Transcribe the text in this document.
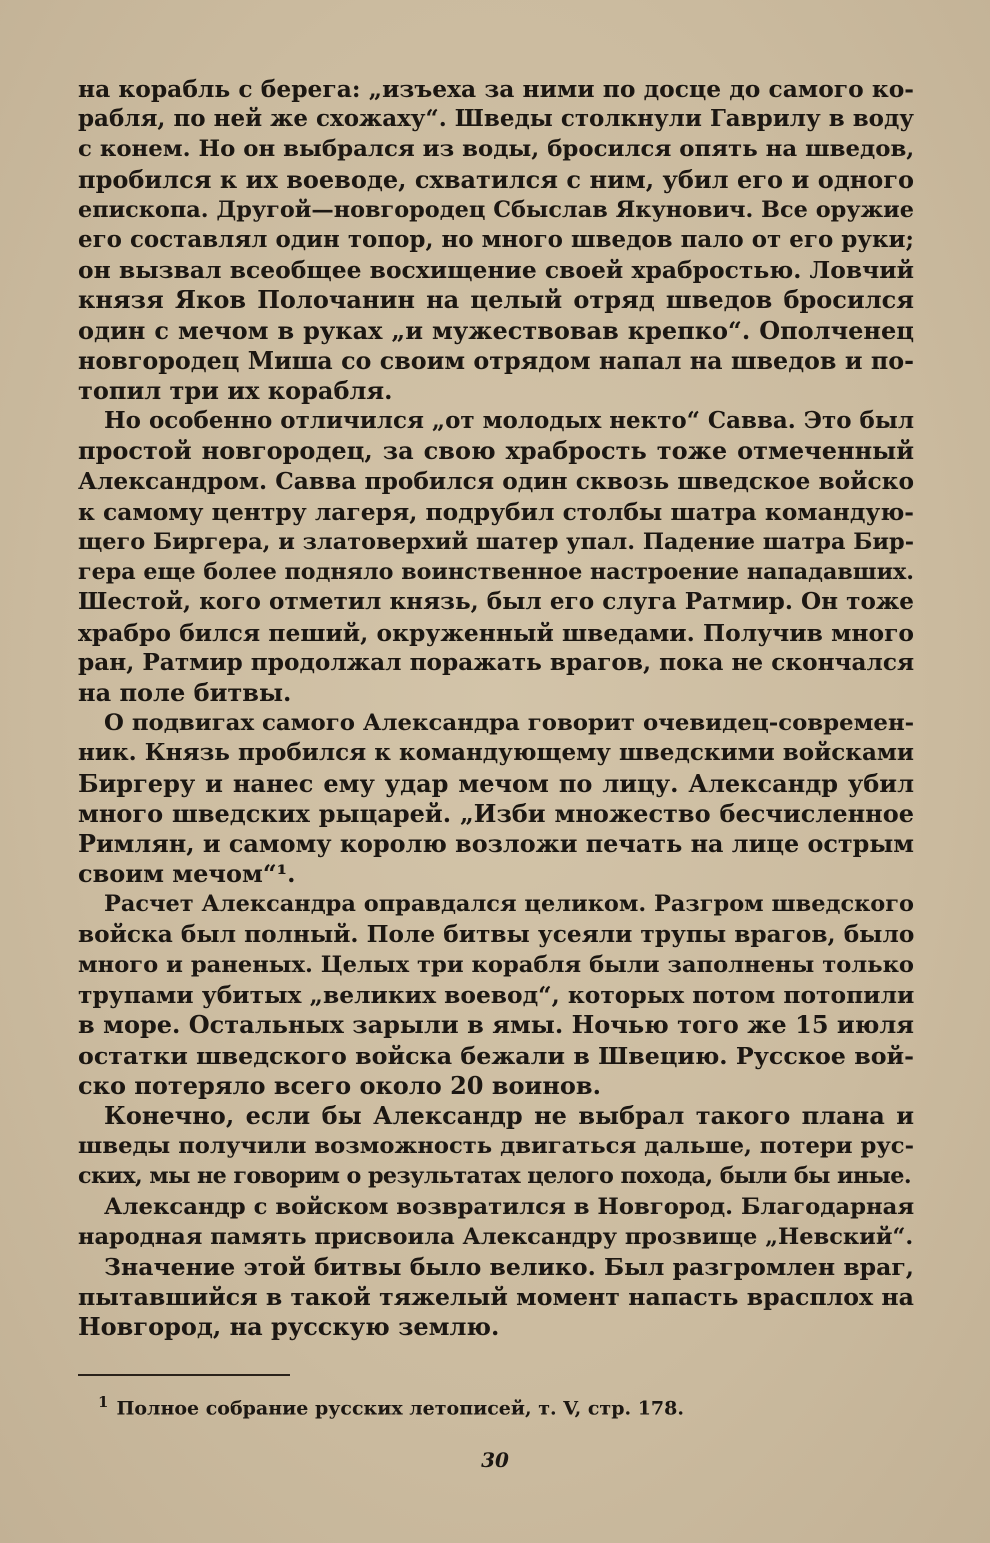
на корабль с берега: „изъеха за ними по досце до самого ко-
рабля, по ней же схожаху“. Шведы столкнули Гаврилу в воду
с конем. Но он выбрался из воды, бросился опять на шведов,
пробился к их воеводе, схватился с ним, убил его и одного
епископа. Другой—новгородец Сбыслав Якунович. Все оружие
его составлял один топор, но много шведов пало от его руки;
он вызвал всеобщее восхищение своей храбростью. Ловчий
князя Яков Полочанин на целый отряд шведов бросился
один с мечом в руках „и мужествовав крепко“. Ополченец
новгородец Миша со своим отрядом напал на шведов и по-
топил три их корабля.
Но особенно отличился „от молодых некто“ Савва. Это был
простой новгородец, за свою храбрость тоже отмеченный
Александром. Савва пробился один сквозь шведское войско
к самому центру лагеря, подрубил столбы шатра командую-
щего Биргера, и златоверхий шатер упал. Падение шатра Бир-
гера еще более подняло воинственное настроение нападавших.
Шестой, кого отметил князь, был его слуга Ратмир. Он тоже
храбро бился пеший, окруженный шведами. Получив много
ран, Ратмир продолжал поражать врагов, пока не скончался
на поле битвы.
О подвигах самого Александра говорит очевидец-современ-
ник. Князь пробился к командующему шведскими войсками
Биргеру и нанес ему удар мечом по лицу. Александр убил
много шведских рыцарей. „Изби множество бесчисленное
Римлян, и самому королю возложи печать на лице острым
своим мечом“¹.
Расчет Александра оправдался целиком. Разгром шведского
войска был полный. Поле битвы усеяли трупы врагов, было
много и раненых. Целых три корабля были заполнены только
трупами убитых „великих воевод“, которых потом потопили
в море. Остальных зарыли в ямы. Ночью того же 15 июля
остатки шведского войска бежали в Швецию. Русское вой-
ско потеряло всего около 20 воинов.
Конечно, если бы Александр не выбрал такого плана и
шведы получили возможность двигаться дальше, потери рус-
ских, мы не говорим о результатах целого похода, были бы иные.
Александр с войском возвратился в Новгород. Благодарная
народная память присвоила Александру прозвище „Невский“.
Значение этой битвы было велико. Был разгромлен враг,
пытавшийся в такой тяжелый момент напасть врасплох на
Новгород, на русскую землю.
$^1$ Полное собрание русских летописей, т. V, стр. 178.
30
